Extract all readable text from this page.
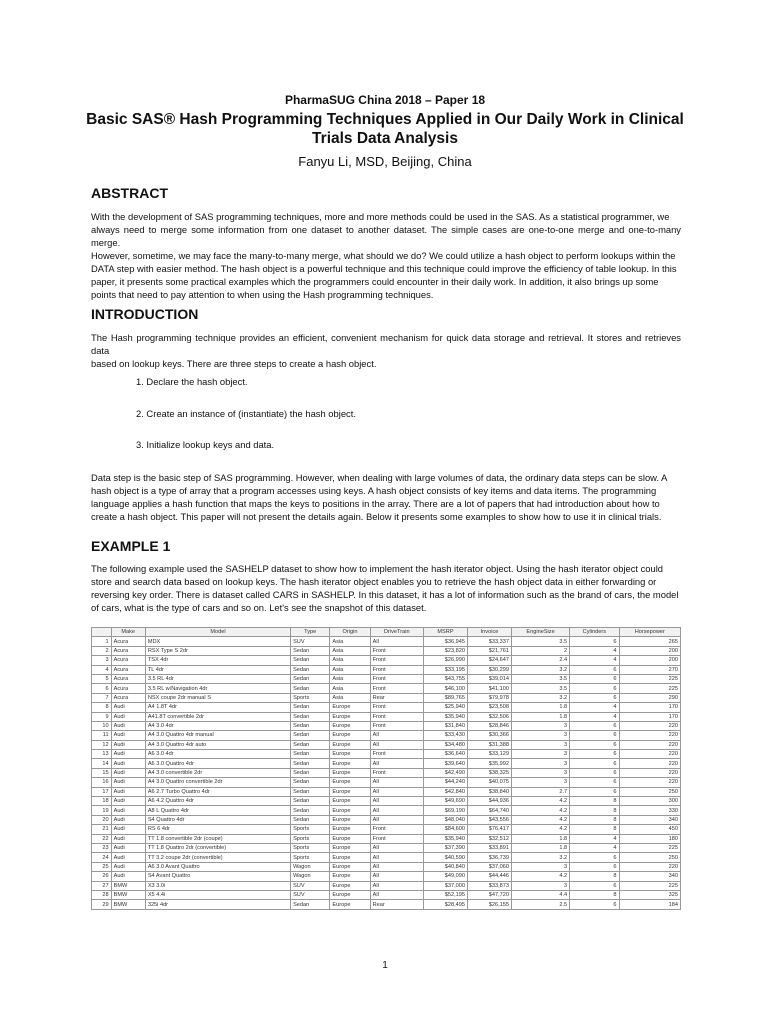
PharmaSUG China 2018 – Paper 18
Basic SAS® Hash Programming Techniques Applied in Our Daily Work in Clinical Trials Data Analysis
Fanyu Li, MSD, Beijing, China
ABSTRACT
With the development of SAS programming techniques, more and more methods could be used in the SAS. As a statistical programmer, we
always need to merge some information from one dataset to another dataset. The simple cases are one-to-one merge and one-to-many merge.
However, sometime, we may face the many-to-many merge, what should we do? We could utilize a hash object to perform lookups within the
DATA step with easier method. The hash object is a powerful technique and this technique could improve the efficiency of table lookup. In this
paper, it presents some practical examples which the programmers could encounter in their daily work. In addition, it also brings up some
points that need to pay attention to when using the Hash programming techniques.
INTRODUCTION
The Hash programming technique provides an efficient, convenient mechanism for quick data storage and retrieval. It stores and retrieves data
based on lookup keys. There are three steps to create a hash object.
1. Declare the hash object.
2. Create an instance of (instantiate) the hash object.
3. Initialize lookup keys and data.
Data step is the basic step of SAS programming. However, when dealing with large volumes of data, the ordinary data steps can be slow. A
hash object is a type of array that a program accesses using keys. A hash object consists of key items and data items. The programming
language applies a hash function that maps the keys to positions in the array. There are a lot of papers that had introduction about how to
create a hash object. This paper will not present the details again. Below it presents some examples to show how to use it in clinical trials.
EXAMPLE 1
The following example used the SASHELP dataset to show how to implement the hash iterator object. Using the hash iterator object could
store and search data based on lookup keys. The hash iterator object enables you to retrieve the hash object data in either forwarding or
reversing key order. There is dataset called CARS in SASHELP. In this dataset, it has a lot of information such as the brand of cars, the model
of cars, what is the type of cars and so on. Let's see the snapshot of this dataset.
	Make	Model	Type	Origin	DriveTrain	MSRP	Invoice	EngineSize	Cylinders	Horsepower
1	Acura	MDX	SUV	Asia	All	$36,945	$33,337	3.5	6	265
2	Acura	RSX Type S 2dr	Sedan	Asia	Front	$23,820	$21,761	2	4	200
3	Acura	TSX 4dr	Sedan	Asia	Front	$26,990	$24,647	2.4	4	200
4	Acura	TL 4dr	Sedan	Asia	Front	$33,195	$30,299	3.2	6	270
5	Acura	3.5 RL 4dr	Sedan	Asia	Front	$43,755	$39,014	3.5	6	225
6	Acura	3.5 RL w/Navigation 4dr	Sedan	Asia	Front	$46,100	$41,100	3.5	6	225
7	Acura	NSX coupe 2dr manual S	Sports	Asia	Rear	$89,765	$79,978	3.2	6	290
8	Audi	A4 1.8T 4dr	Sedan	Europe	Front	$25,940	$23,508	1.8	4	170
9	Audi	A41.8T convertible 2dr	Sedan	Europe	Front	$35,940	$32,506	1.8	4	170
10	Audi	A4 3.0 4dr	Sedan	Europe	Front	$31,840	$28,846	3	6	220
11	Audi	A4 3.0 Quattro 4dr manual	Sedan	Europe	All	$33,430	$30,366	3	6	220
12	Audi	A4 3.0 Quattro 4dr auto	Sedan	Europe	All	$34,480	$31,388	3	6	220
13	Audi	A6 3.0 4dr	Sedan	Europe	Front	$36,640	$33,129	3	6	220
14	Audi	A6 3.0 Quattro 4dr	Sedan	Europe	All	$39,640	$35,992	3	6	220
15	Audi	A4 3.0 convertible 2dr	Sedan	Europe	Front	$42,490	$38,325	3	6	220
16	Audi	A4 3.0 Quattro convertible 2dr	Sedan	Europe	All	$44,240	$40,075	3	6	220
17	Audi	A6 2.7 Turbo Quattro 4dr	Sedan	Europe	All	$42,840	$38,840	2.7	6	250
18	Audi	A6 4.2 Quattro 4dr	Sedan	Europe	All	$49,690	$44,936	4.2	8	300
19	Audi	A8 L Quattro 4dr	Sedan	Europe	All	$69,190	$64,740	4.2	8	330
20	Audi	S4 Quattro 4dr	Sedan	Europe	All	$48,040	$43,556	4.2	8	340
21	Audi	RS 6 4dr	Sports	Europe	Front	$84,600	$76,417	4.2	8	450
22	Audi	TT 1.8 convertible 2dr (coupe)	Sports	Europe	Front	$35,940	$32,512	1.8	4	180
23	Audi	TT 1.8 Quattro 2dr (convertible)	Sports	Europe	All	$37,390	$33,891	1.8	4	225
24	Audi	TT 3.2 coupe 2dr (convertible)	Sports	Europe	All	$40,590	$36,739	3.2	6	250
25	Audi	A6 3.0 Avant Quattro	Wagon	Europe	All	$40,840	$37,060	3	6	220
26	Audi	S4 Avant Quattro	Wagon	Europe	All	$49,090	$44,446	4.2	8	340
27	BMW	X3 3.0i	SUV	Europe	All	$37,000	$33,873	3	6	225
28	BMW	X5 4.4i	SUV	Europe	All	$52,195	$47,720	4.4	8	325
29	BMW	325i 4dr	Sedan	Europe	Rear	$28,495	$26,155	2.5	6	184
1
